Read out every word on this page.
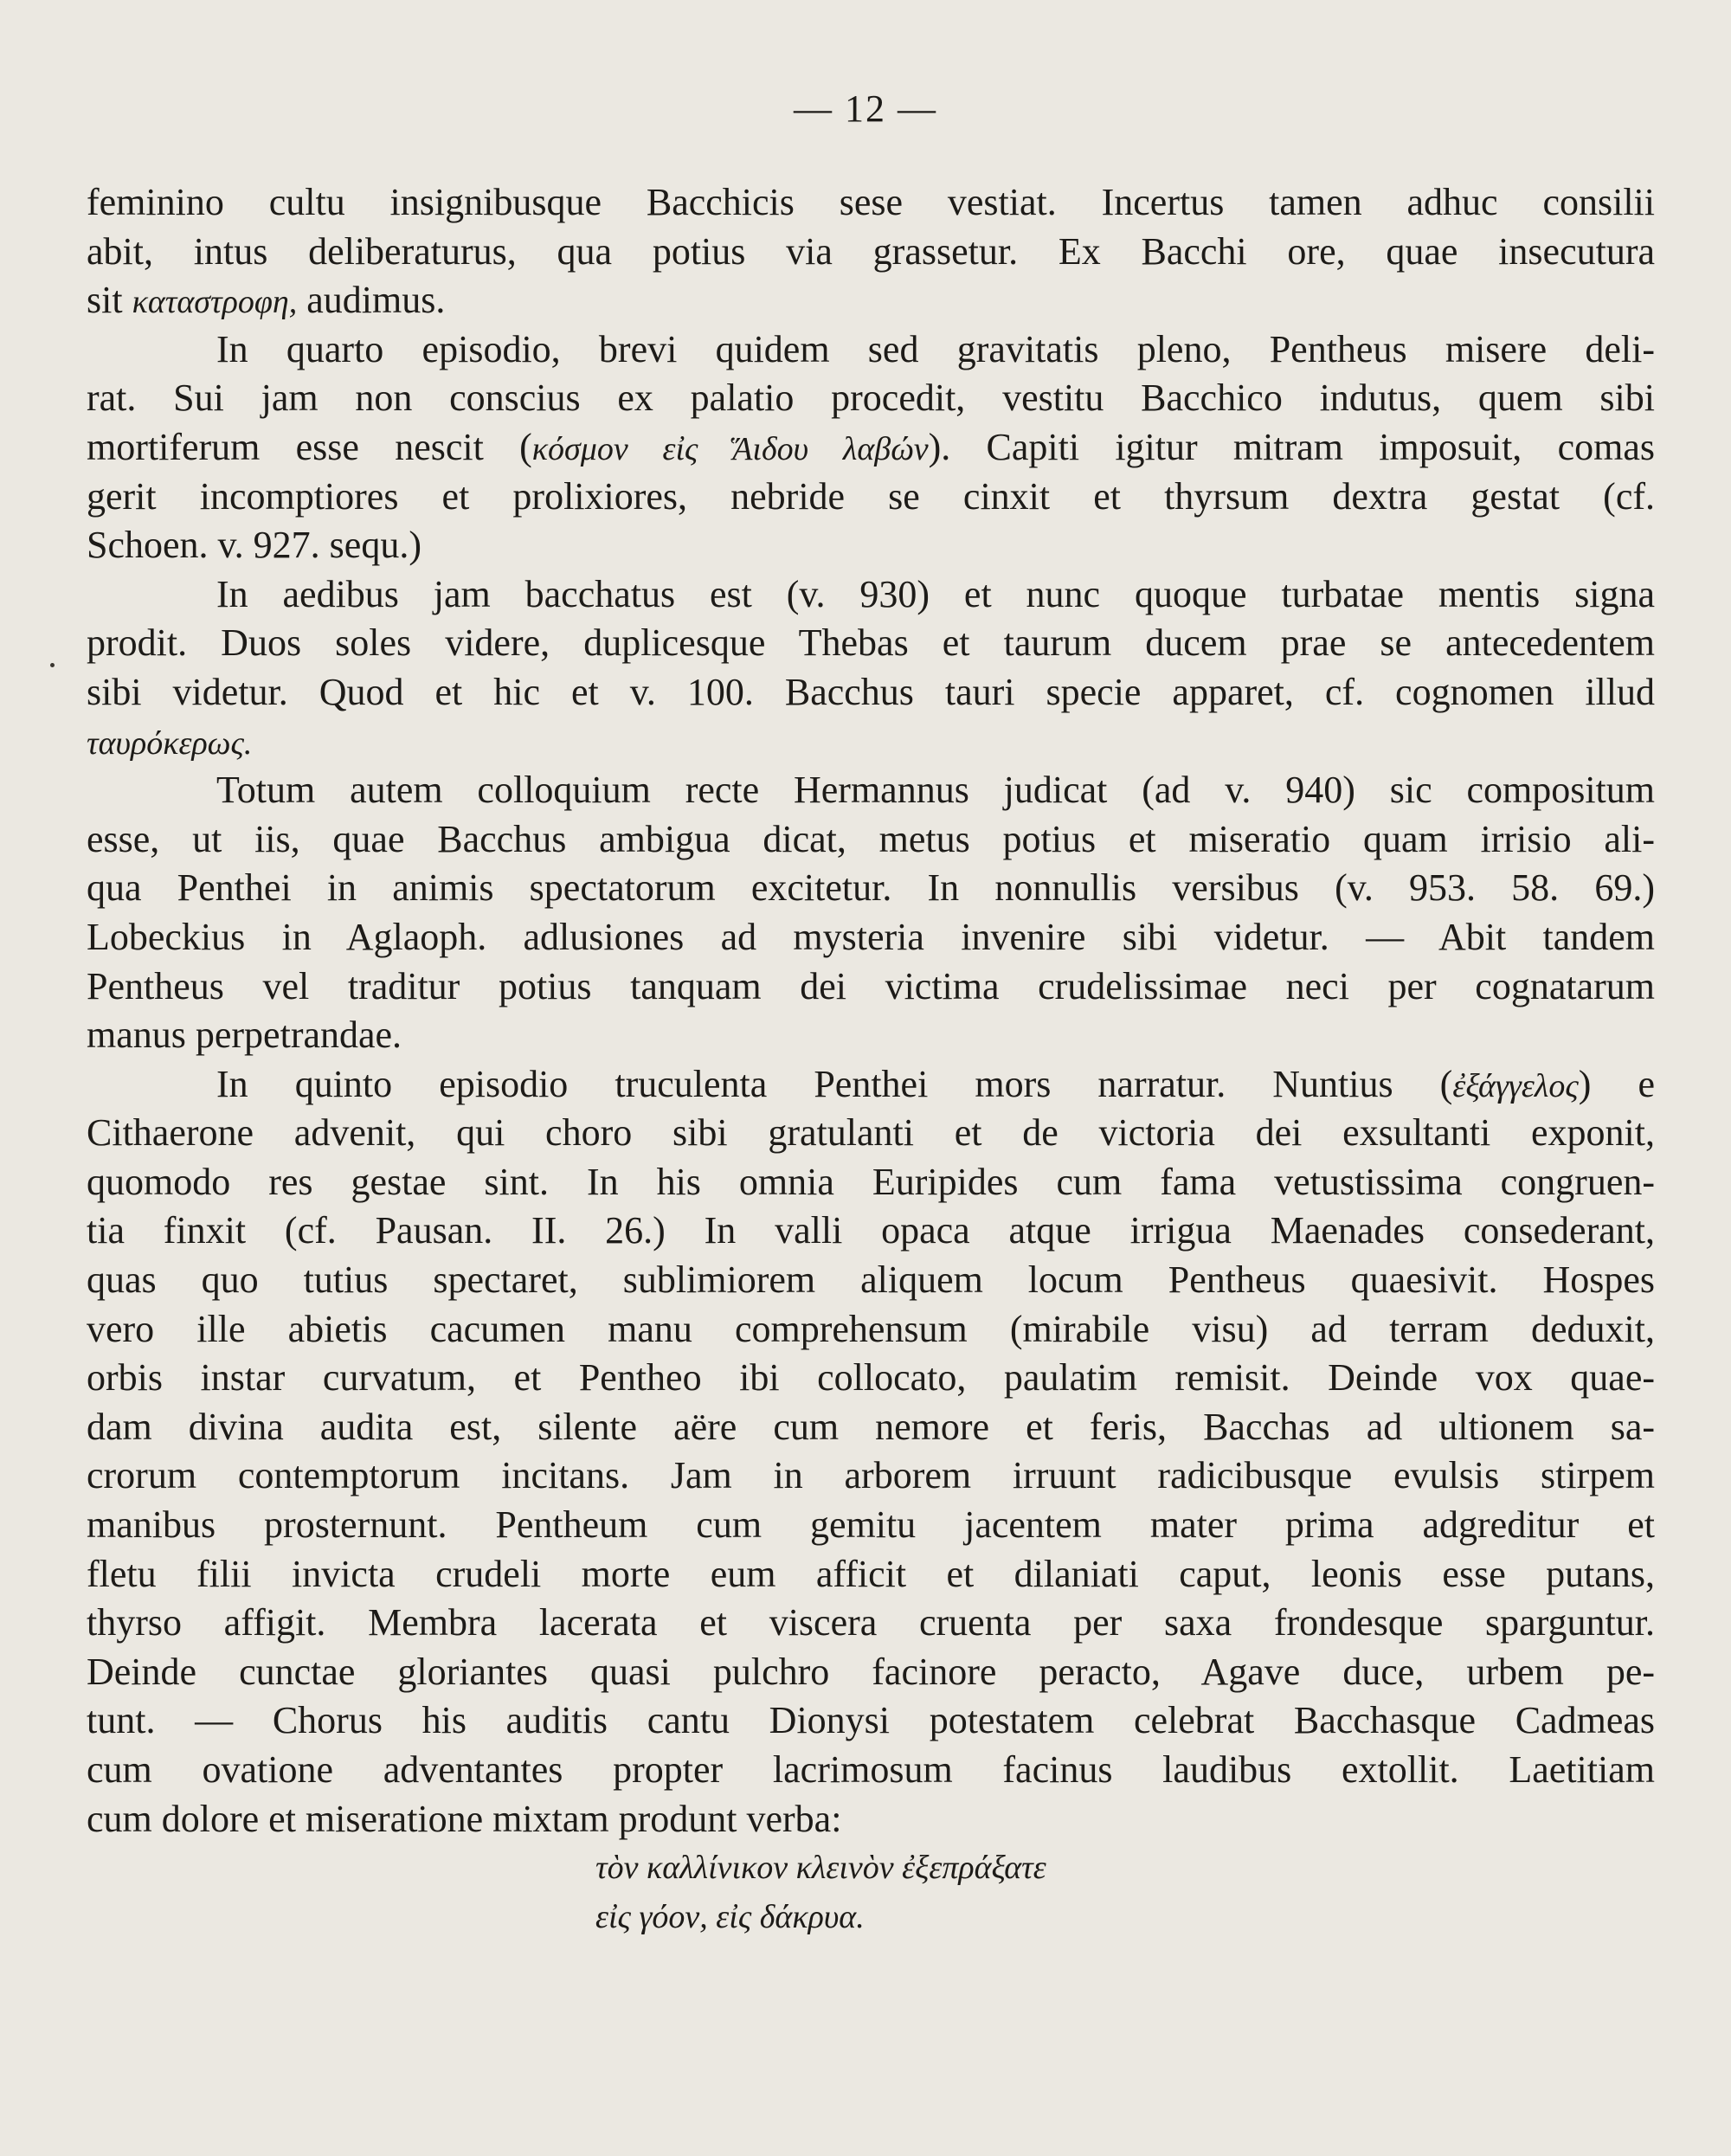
— 12 —
feminino cultu insignibusque Bacchicis sese vestiat. Incertus tamen adhuc consilii
abit, intus deliberaturus, qua potius via grassetur. Ex Bacchi ore, quae insecutura
sit καταστροφη, audimus.
In quarto episodio, brevi quidem sed gravitatis pleno, Pentheus misere deli-
rat. Sui jam non conscius ex palatio procedit, vestitu Bacchico indutus, quem sibi
mortiferum esse nescit (κόσμον εἰς Ἅιδου λαβών). Capiti igitur mitram imposuit, comas
gerit incomptiores et prolixiores, nebride se cinxit et thyrsum dextra gestat (cf.
Schoen. v. 927. sequ.)
In aedibus jam bacchatus est (v. 930) et nunc quoque turbatae mentis signa
prodit. Duos soles videre, duplicesque Thebas et taurum ducem prae se antecedentem
sibi videtur. Quod et hic et v. 100. Bacchus tauri specie apparet, cf. cognomen illud
ταυρόκερως.
Totum autem colloquium recte Hermannus judicat (ad v. 940) sic compositum
esse, ut iis, quae Bacchus ambigua dicat, metus potius et miseratio quam irrisio ali-
qua Penthei in animis spectatorum excitetur. In nonnullis versibus (v. 953. 58. 69.)
Lobeckius in Aglaoph. adlusiones ad mysteria invenire sibi videtur. — Abit tandem
Pentheus vel traditur potius tanquam dei victima crudelissimae neci per cognatarum
manus perpetrandae.
In quinto episodio truculenta Penthei mors narratur. Nuntius (ἐξάγγελος) e
Cithaerone advenit, qui choro sibi gratulanti et de victoria dei exsultanti exponit,
quomodo res gestae sint. In his omnia Euripides cum fama vetustissima congruen-
tia finxit (cf. Pausan. II. 26.) In valli opaca atque irrigua Maenades consederant,
quas quo tutius spectaret, sublimiorem aliquem locum Pentheus quaesivit. Hospes
vero ille abietis cacumen manu comprehensum (mirabile visu) ad terram deduxit,
orbis instar curvatum, et Pentheo ibi collocato, paulatim remisit. Deinde vox quae-
dam divina audita est, silente aëre cum nemore et feris, Bacchas ad ultionem sa-
crorum contemptorum incitans. Jam in arborem irruunt radicibusque evulsis stirpem
manibus prosternunt. Pentheum cum gemitu jacentem mater prima adgreditur et
fletu filii invicta crudeli morte eum afficit et dilaniati caput, leonis esse putans,
thyrso affigit. Membra lacerata et viscera cruenta per saxa frondesque sparguntur.
Deinde cunctae gloriantes quasi pulchro facinore peracto, Agave duce, urbem pe-
tunt. — Chorus his auditis cantu Dionysi potestatem celebrat Bacchasque Cadmeas
cum ovatione adventantes propter lacrimosum facinus laudibus extollit. Laetitiam
cum dolore et miseratione mixtam produnt verba:
τὸν καλλίνικον κλεινὸν ἐξεπράξατε
εἰς γόον, εἰς δάκρυα.
